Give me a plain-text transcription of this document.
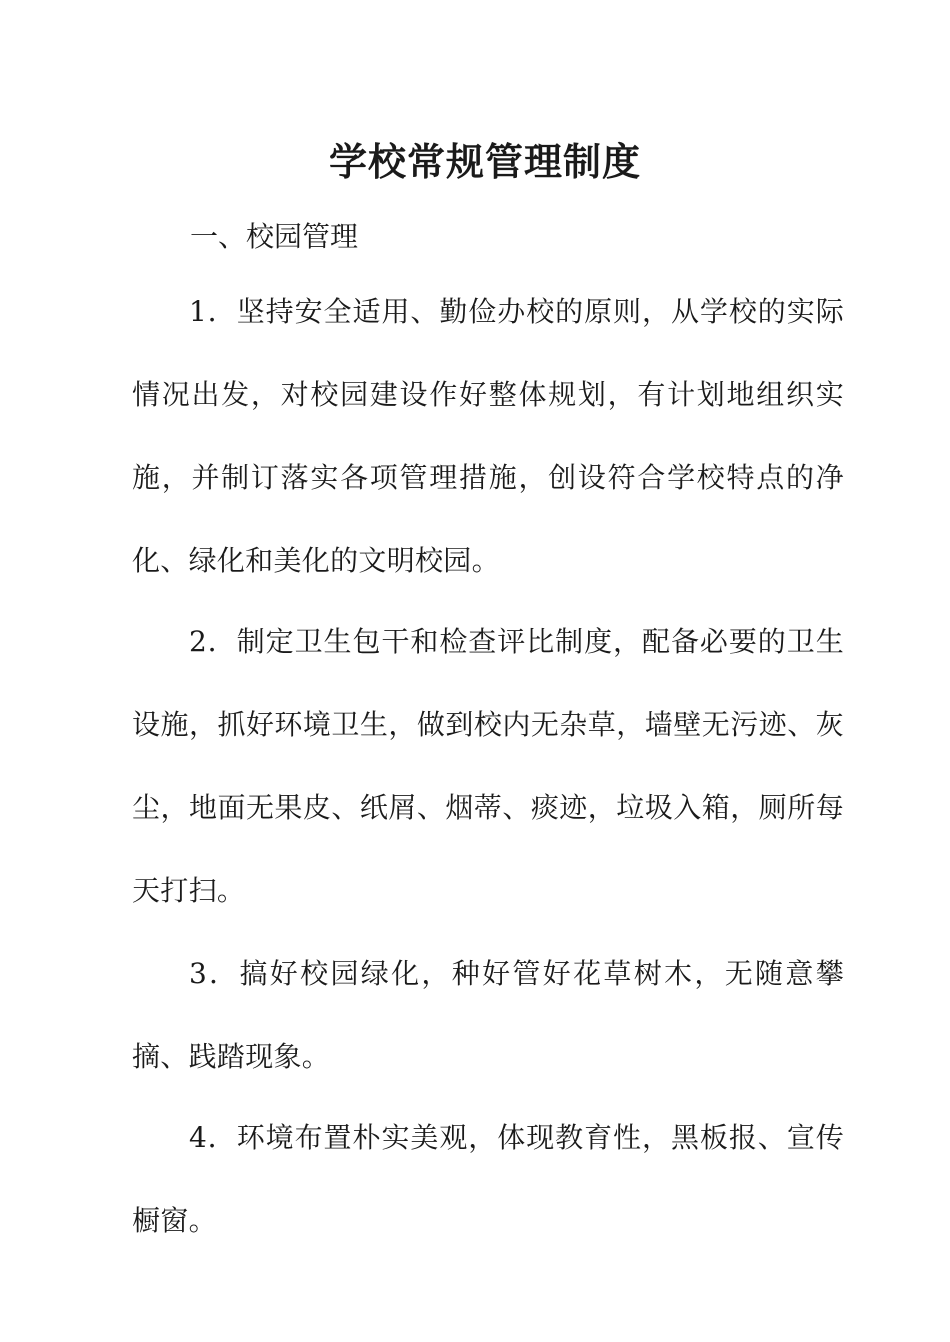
学校常规管理制度

一、校园管理

1．坚持安全适用、勤俭办校的原则，从学校的实际情况出发，对校园建设作好整体规划，有计划地组织实施，并制订落实各项管理措施，创设符合学校特点的净化、绿化和美化的文明校园。

2．制定卫生包干和检查评比制度，配备必要的卫生设施，抓好环境卫生，做到校内无杂草，墙壁无污迹、灰尘，地面无果皮、纸屑、烟蒂、痰迹，垃圾入箱，厕所每天打扫。

3．搞好校园绿化，种好管好花草树木，无随意攀摘、践踏现象。

4．环境布置朴实美观，体现教育性，黑板报、宣传橱窗。
